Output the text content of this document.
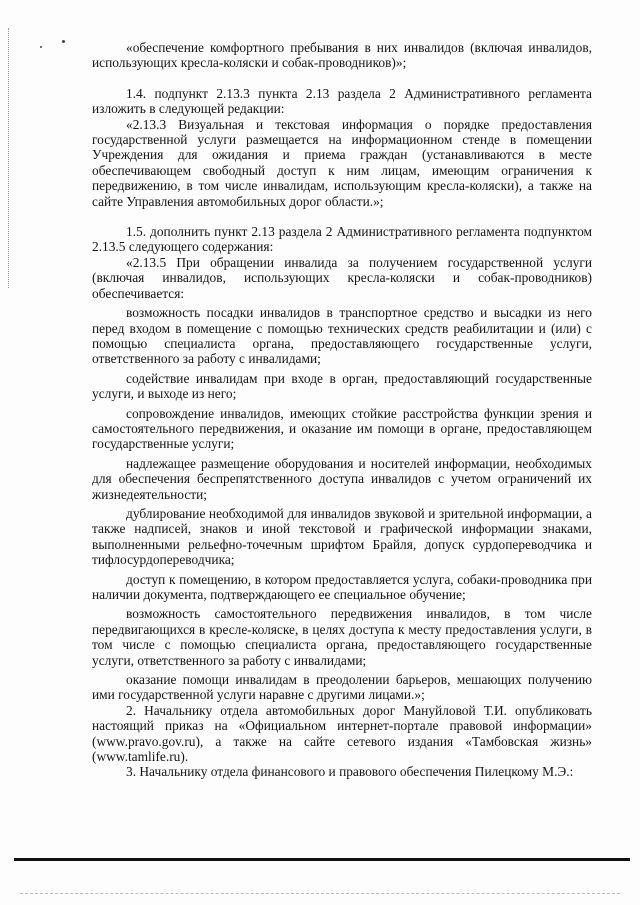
«обеспечение комфортного пребывания в них инвалидов (включая инвалидов, использующих кресла-коляски и собак-проводников)»;

1.4. подпункт 2.13.3 пункта 2.13 раздела 2 Административного регламента изложить в следующей редакции:

«2.13.3 Визуальная и текстовая информация о порядке предоставления государственной услуги размещается на информационном стенде в помещении Учреждения для ожидания и приема граждан (устанавливаются в месте обеспечивающем свободный доступ к ним лицам, имеющим ограничения к передвижению, в том числе инвалидам, использующим кресла-коляски), а также на сайте Управления автомобильных дорог области.»;

1.5. дополнить пункт 2.13 раздела 2 Административного регламента подпунктом 2.13.5 следующего содержания:

«2.13.5 При обращении инвалида за получением государственной услуги (включая инвалидов, использующих кресла-коляски и собак-проводников) обеспечивается:

возможность посадки инвалидов в транспортное средство и высадки из него перед входом в помещение с помощью технических средств реабилитации и (или) с помощью специалиста органа, предоставляющего государственные услуги, ответственного за работу с инвалидами;

содействие инвалидам при входе в орган, предоставляющий государственные услуги, и выходе из него;

сопровождение инвалидов, имеющих стойкие расстройства функции зрения и самостоятельного передвижения, и оказание им помощи в органе, предоставляющем государственные услуги;

надлежащее размещение оборудования и носителей информации, необходимых для обеспечения беспрепятственного доступа инвалидов с учетом ограничений их жизнедеятельности;

дублирование необходимой для инвалидов звуковой и зрительной информации, а также надписей, знаков и иной текстовой и графической информации знаками, выполненными рельефно-точечным шрифтом Брайля, допуск сурдопереводчика и тифлосурдопереводчика;

доступ к помещению, в котором предоставляется услуга, собаки-проводника при наличии документа, подтверждающего ее специальное обучение;

возможность самостоятельного передвижения инвалидов, в том числе передвигающихся в кресле-коляске, в целях доступа к месту предоставления услуги, в том числе с помощью специалиста органа, предоставляющего государственные услуги, ответственного за работу с инвалидами;

оказание помощи инвалидам в преодолении барьеров, мешающих получению ими государственной услуги наравне с другими лицами.»;

2. Начальнику отдела автомобильных дорог Мануйловой Т.И. опубликовать настоящий приказ на «Официальном интернет-портале правовой информации» (www.pravo.gov.ru), а также на сайте сетевого издания «Тамбовская жизнь» (www.tamlife.ru).

3. Начальнику отдела финансового и правового обеспечения Пилецкому М.Э.:
